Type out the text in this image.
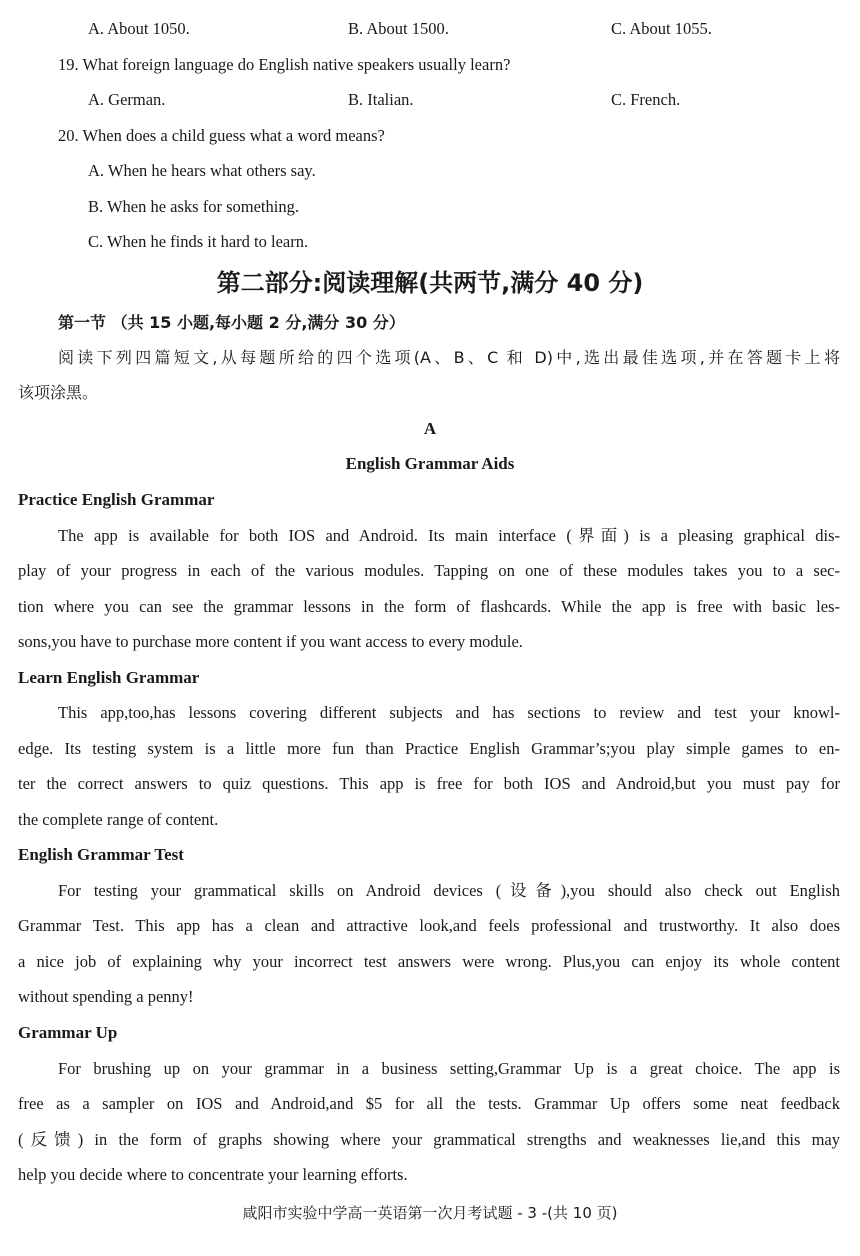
A. About 1050.	B. About 1500.	C. About 1055.
19. What foreign language do English native speakers usually learn?
A. German.	B. Italian.	C. French.
20. When does a child guess what a word means?
A. When he hears what others say.
B. When he asks for something.
C. When he finds it hard to learn.
第二部分:阅读理解(共两节,满分 40 分)
第一节 （共 15 小题,每小题 2 分,满分 30 分）
阅读下列四篇短文,从每题所给的四个选项(A、B、C 和 D)中,选出最佳选项,并在答题卡上将
该项涂黑。
A
English Grammar Aids
Practice English Grammar
The app is available for both IOS and Android. Its main interface (界面) is a pleasing graphical dis-
play of your progress in each of the various modules. Tapping on one of these modules takes you to a sec-
tion where you can see the grammar lessons in the form of flashcards. While the app is free with basic les-
sons,you have to purchase more content if you want access to every module.
Learn English Grammar
This app,too,has lessons covering different subjects and has sections to review and test your knowl-
edge. Its testing system is a little more fun than Practice English Grammar’s;you play simple games to en-
ter the correct answers to quiz questions. This app is free for both IOS and Android,but you must pay for
the complete range of content.
English Grammar Test
For testing your grammatical skills on Android devices (设备),you should also check out English
Grammar Test. This app has a clean and attractive look,and feels professional and trustworthy. It also does
a nice job of explaining why your incorrect test answers were wrong. Plus,you can enjoy its whole content
without spending a penny!
Grammar Up
For brushing up on your grammar in a business setting,Grammar Up is a great choice. The app is
free as a sampler on IOS and Android,and $5 for all the tests. Grammar Up offers some neat feedback
(反馈) in the form of graphs showing where your grammatical strengths and weaknesses lie,and this may
help you decide where to concentrate your learning efforts.
咸阳市实验中学高一英语第一次月考试题 - 3 -(共 10 页)
